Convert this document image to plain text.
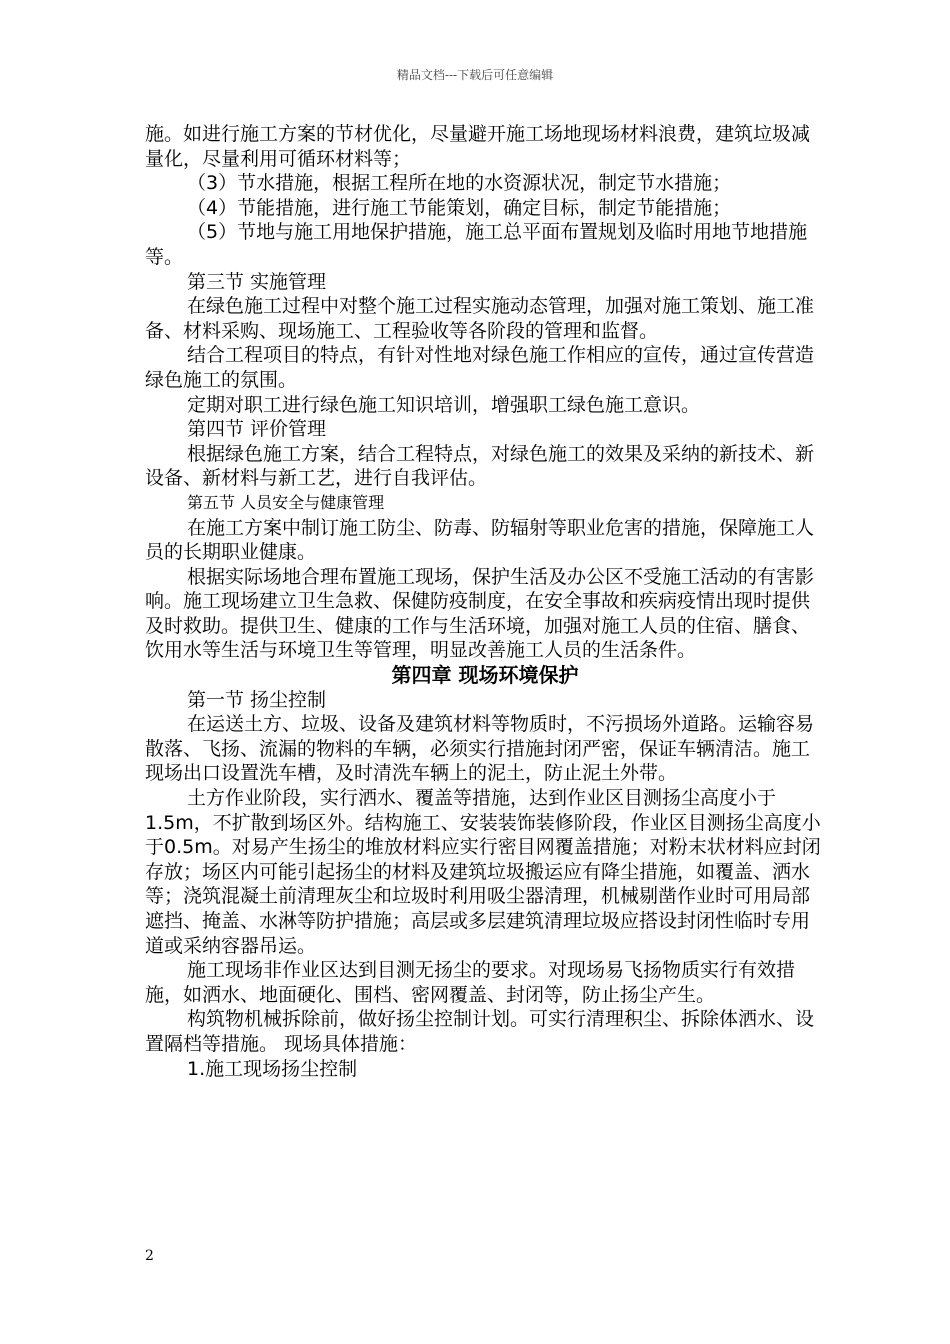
精品文档---下载后可任意编辑

施。如进行施工方案的节材优化，尽量避开施工场地现场材料浪费，建筑垃圾减量化，尽量利用可循环材料等；

（3）节水措施，根据工程所在地的水资源状况，制定节水措施；

（4）节能措施，进行施工节能策划，确定目标，制定节能措施；

（5）节地与施工用地保护措施，施工总平面布置规划及临时用地节地措施等。

第三节 实施管理

在绿色施工过程中对整个施工过程实施动态管理，加强对施工策划、施工准备、材料采购、现场施工、工程验收等各阶段的管理和监督。

结合工程项目的特点，有针对性地对绿色施工作相应的宣传，通过宣传营造绿色施工的氛围。

定期对职工进行绿色施工知识培训，增强职工绿色施工意识。

第四节 评价管理

根据绿色施工方案，结合工程特点，对绿色施工的效果及采纳的新技术、新设备、新材料与新工艺，进行自我评估。

第五节 人员安全与健康管理

在施工方案中制订施工防尘、防毒、防辐射等职业危害的措施，保障施工人员的长期职业健康。

根据实际场地合理布置施工现场，保护生活及办公区不受施工活动的有害影响。施工现场建立卫生急救、保健防疫制度，在安全事故和疾病疫情出现时提供及时救助。提供卫生、健康的工作与生活环境，加强对施工人员的住宿、膳食、饮用水等生活与环境卫生等管理，明显改善施工人员的生活条件。

第四章 现场环境保护

第一节 扬尘控制

在运送土方、垃圾、设备及建筑材料等物质时，不污损场外道路。运输容易散落、飞扬、流漏的物料的车辆，必须实行措施封闭严密，保证车辆清洁。施工现场出口设置洗车槽，及时清洗车辆上的泥土，防止泥土外带。

土方作业阶段，实行洒水、覆盖等措施，达到作业区目测扬尘高度小于1.5m，不扩散到场区外。结构施工、安装装饰装修阶段，作业区目测扬尘高度小于0.5m。对易产生扬尘的堆放材料应实行密目网覆盖措施；对粉末状材料应封闭存放；场区内可能引起扬尘的材料及建筑垃圾搬运应有降尘措施，如覆盖、洒水等；浇筑混凝土前清理灰尘和垃圾时利用吸尘器清理，机械剔凿作业时可用局部遮挡、掩盖、水淋等防护措施；高层或多层建筑清理垃圾应搭设封闭性临时专用道或采纳容器吊运。

施工现场非作业区达到目测无扬尘的要求。对现场易飞扬物质实行有效措施，如洒水、地面硬化、围档、密网覆盖、封闭等，防止扬尘产生。

构筑物机械拆除前，做好扬尘控制计划。可实行清理积尘、拆除体洒水、设置隔档等措施。 现场具体措施：

1.施工现场扬尘控制

2
